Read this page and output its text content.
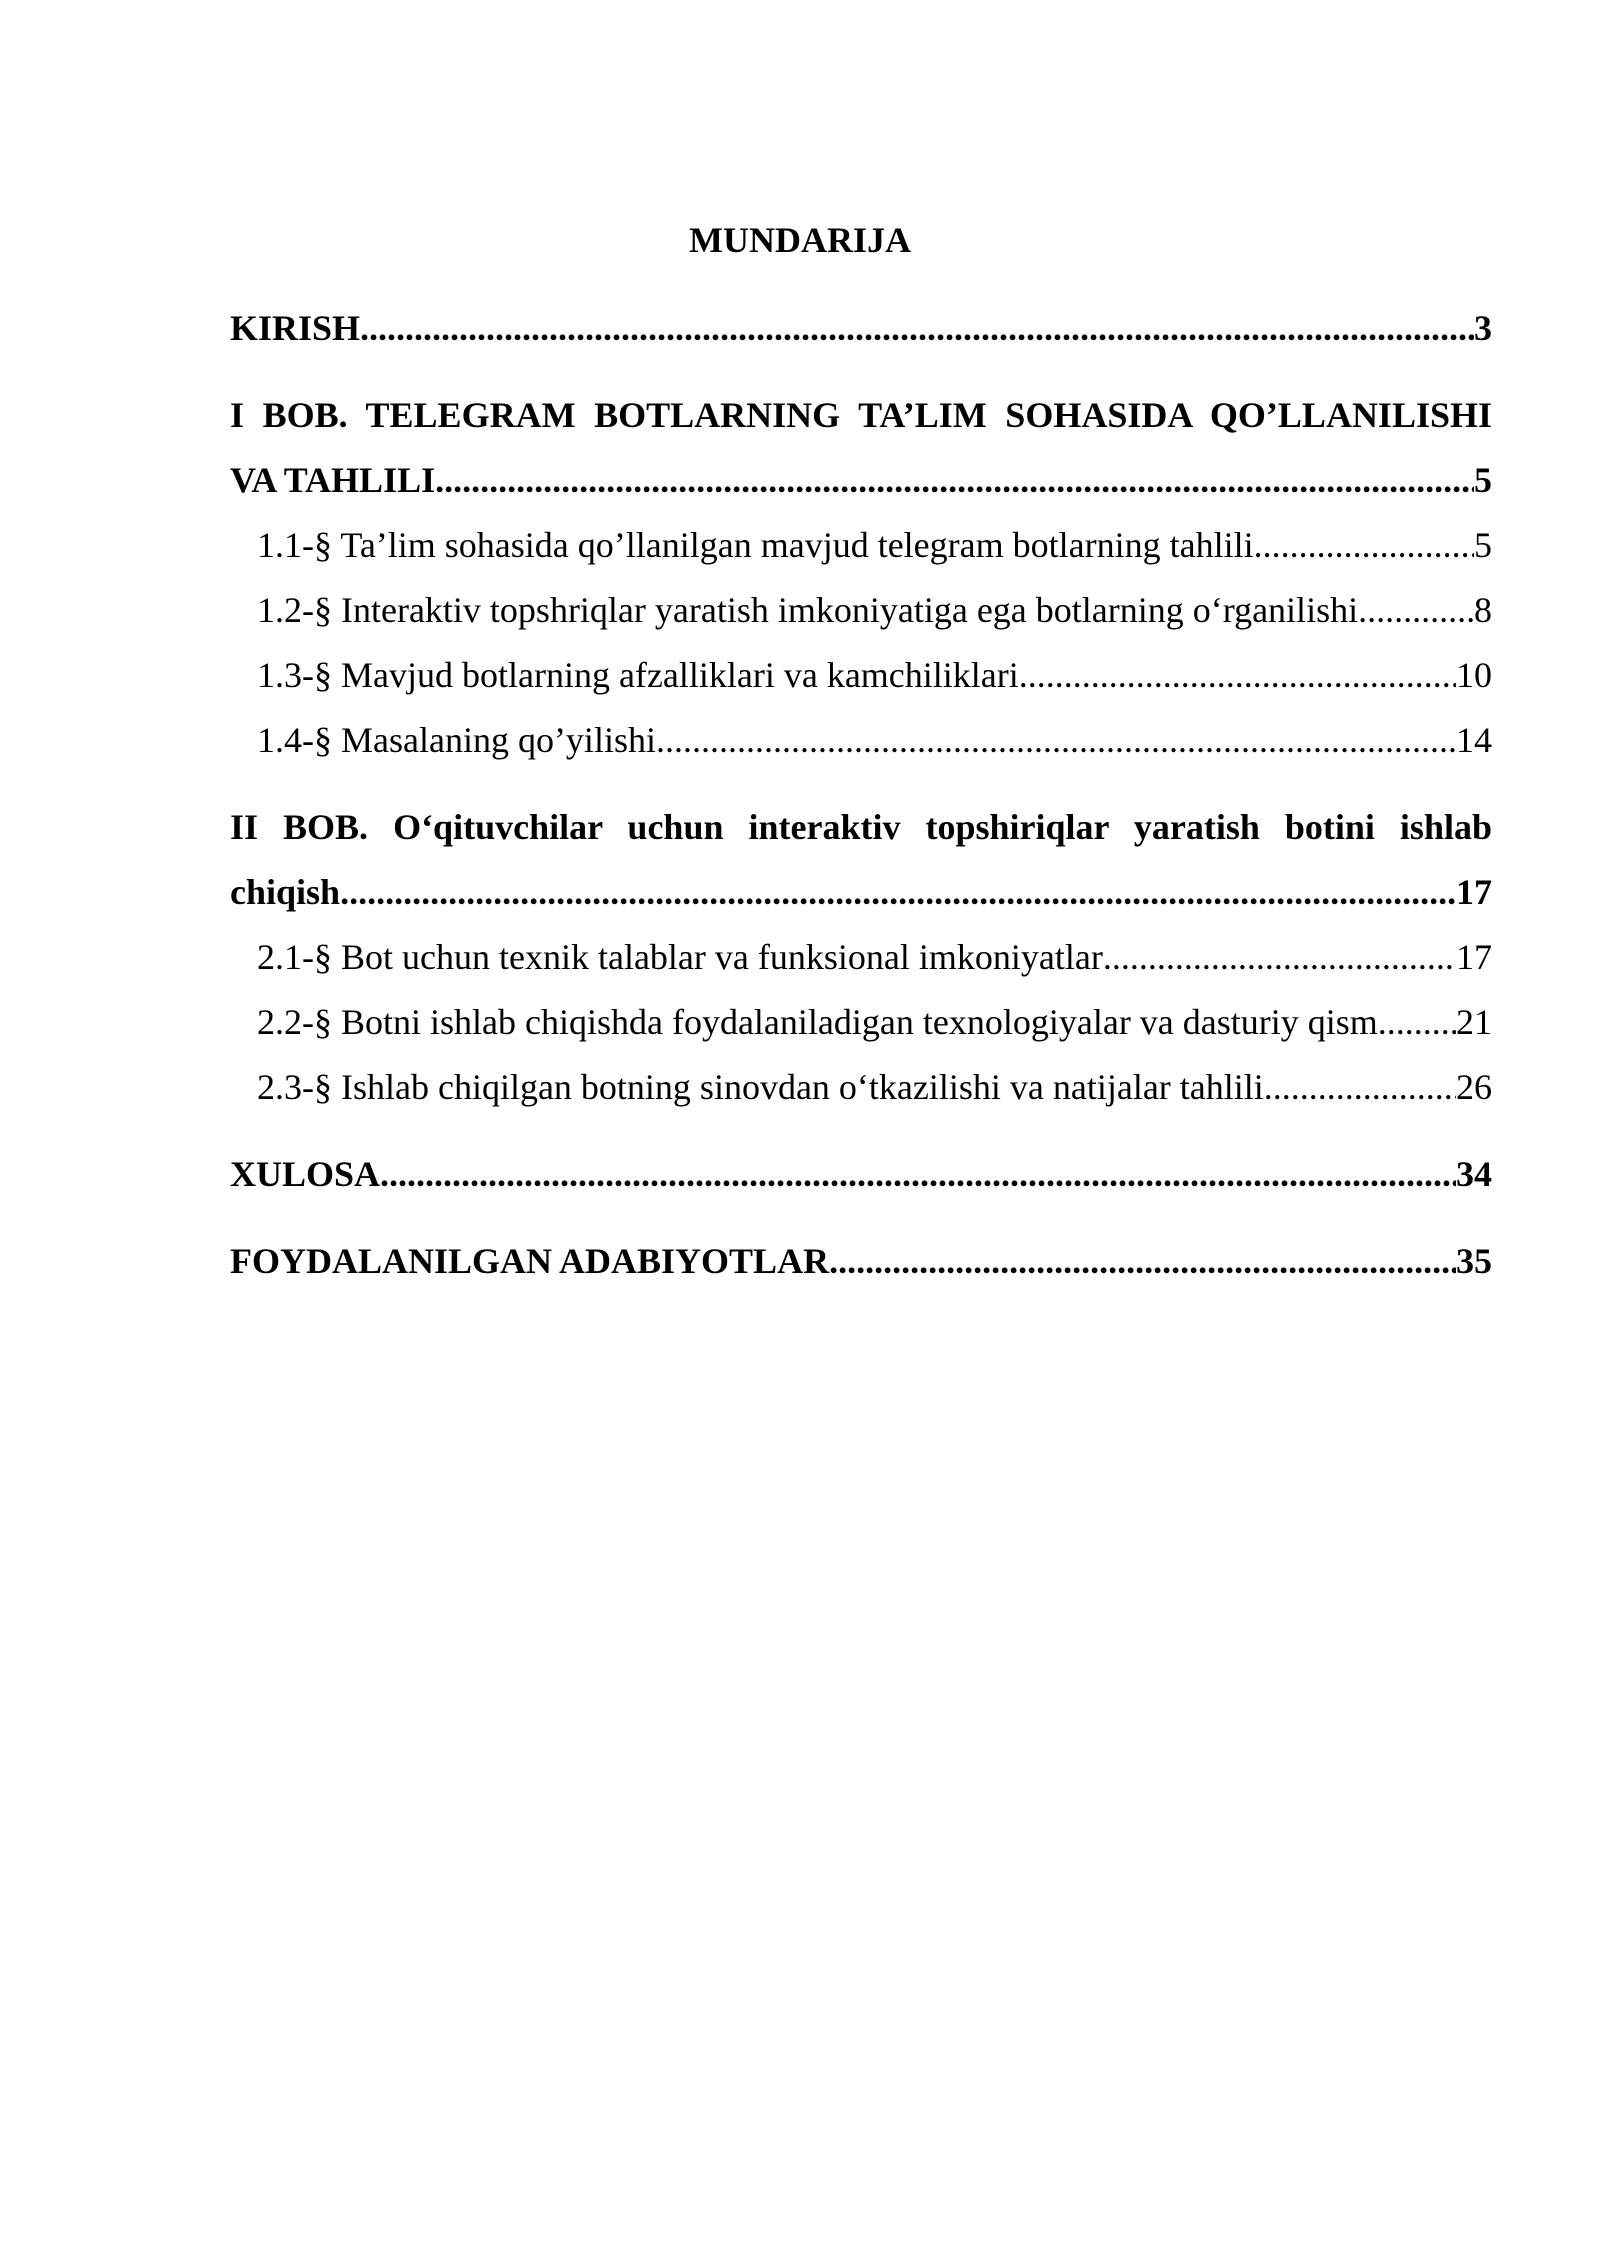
MUNDARIJA
KIRISH .....	3
I BOB. TELEGRAM BOTLARNING TA’LIM SOHASIDA QO’LLANILISHI
VA TAHLILI .....	5
1.1-§ Ta’lim sohasida qo’llanilgan mavjud telegram botlarning tahlili .....	5
1.2-§ Interaktiv topshriqlar yaratish imkoniyatiga ega botlarning o‘rganilishi .....	8
1.3-§ Mavjud botlarning afzalliklari va kamchiliklari .....	10
1.4-§ Masalaning qo’yilishi .....	14
II BOB. O‘qituvchilar uchun interaktiv topshiriqlar yaratish botini ishlab
chiqish .....	17
2.1-§ Bot uchun texnik talablar va funksional imkoniyatlar .....	17
2.2-§ Botni ishlab chiqishda foydalaniladigan texnologiyalar va dasturiy qism ..... 21
2.3-§ Ishlab chiqilgan botning sinovdan o‘tkazilishi va natijalar tahlili .....	26
XULOSA .....	34
FOYDALANILGAN ADABIYOTLAR .....	35
